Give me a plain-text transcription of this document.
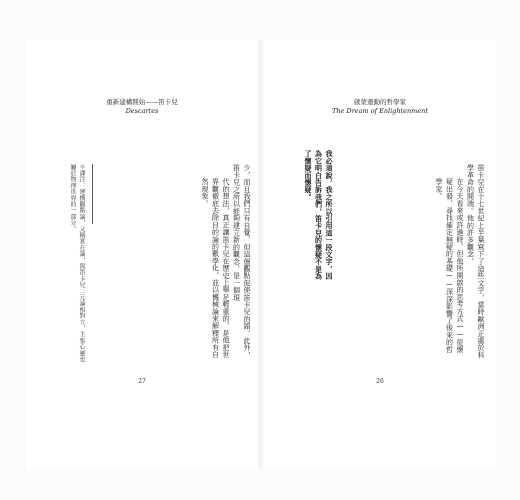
重新建構開始——笛卡兒
Descartes

少，而且我們只有自覺，但這個觀點促使笛卡兒的錯，此外，笛卡兒之所以能夠建立新的觀念，是一個現

代的想法，真正讓笛卡兒在歷史上舉足輕重的，是他把世界觀徹底去除目的論的數學化，並以機械論來解釋所有自然現象。

＊譯注：建構觀點論，又稱實在論，與笛卡兒二元論相對立，主張心靈也屬於物理世界的一部分。

27
啟蒙運動的哲學家
The Dream of Enlightenment

我必須說，我之所以引用這一段文字，因為它明白告訴我們，笛卡兒的懷疑不是為了懷疑而懷疑。	笛卡兒在十七世紀上半葉寫下了這些文字，當時歐洲正處於科學革命的開端。他的許多觀念，

在今天看來或許過時，但他所開啟的思考方式——從懷疑出發，尋找確定無疑的基礎——深深影響了後來的哲學家。

26
